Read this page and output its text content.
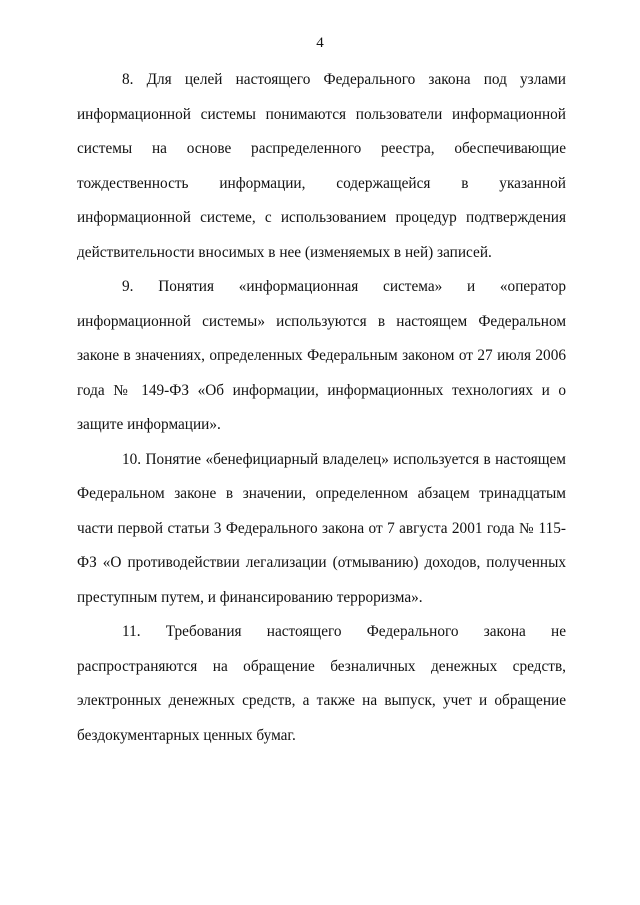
4

8. Для целей настоящего Федерального закона под узлами информационной системы понимаются пользователи информационной системы на основе распределенного реестра, обеспечивающие тождественность информации, содержащейся в указанной информационной системе, с использованием процедур подтверждения действительности вносимых в нее (изменяемых в ней) записей.

9. Понятия «информационная система» и «оператор информационной системы» используются в настоящем Федеральном законе в значениях, определенных Федеральным законом от 27 июля 2006 года № 149-ФЗ «Об информации, информационных технологиях и о защите информации».

10. Понятие «бенефициарный владелец» используется в настоящем Федеральном законе в значении, определенном абзацем тринадцатым части первой статьи 3 Федерального закона от 7 августа 2001 года № 115-ФЗ «О противодействии легализации (отмыванию) доходов, полученных преступным путем, и финансированию терроризма».

11. Требования настоящего Федерального закона не распространяются на обращение безналичных денежных средств, электронных денежных средств, а также на выпуск, учет и обращение бездокументарных ценных бумаг.
